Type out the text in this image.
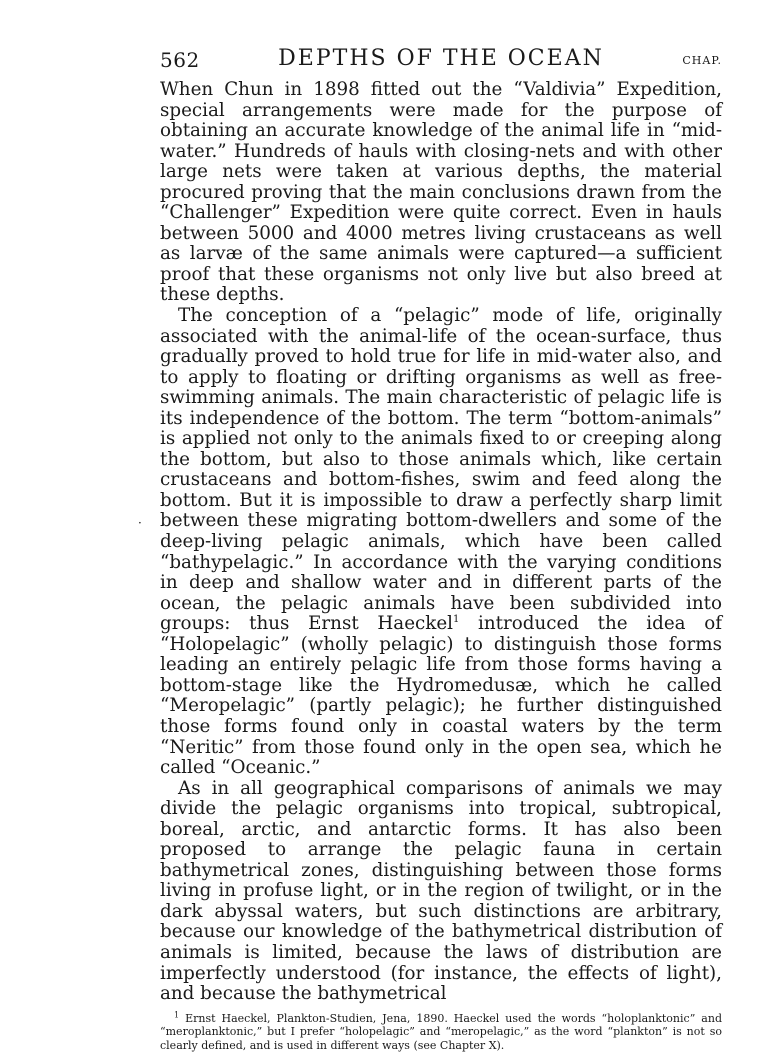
562	DEPTHS OF THE OCEAN	CHAP.

When Chun in 1898 fitted out the “Valdivia” Expedition, special arrangements were made for the purpose of obtaining an accurate knowledge of the animal life in “mid-water.” Hundreds of hauls with closing-nets and with other large nets were taken at various depths, the material procured proving that the main conclusions drawn from the “Challenger” Expedition were quite correct. Even in hauls between 5000 and 4000 metres living crustaceans as well as larvæ of the same animals were captured—a sufficient proof that these organisms not only live but also breed at these depths.

The conception of a “pelagic” mode of life, originally associated with the animal-life of the ocean-surface, thus gradually proved to hold true for life in mid-water also, and to apply to floating or drifting organisms as well as free-swimming animals. The main characteristic of pelagic life is its independence of the bottom. The term “bottom-animals” is applied not only to the animals fixed to or creeping along the bottom, but also to those animals which, like certain crustaceans and bottom-fishes, swim and feed along the bottom. But it is impossible to draw a perfectly sharp limit between these migrating bottom-dwellers and some of the deep-living pelagic animals, which have been called “bathypelagic.” In accordance with the varying conditions in deep and shallow water and in different parts of the ocean, the pelagic animals have been subdivided into groups: thus Ernst Haeckel$^1$ introduced the idea of “Holopelagic” (wholly pelagic) to distinguish those forms leading an entirely pelagic life from those forms having a bottom-stage like the Hydromedusæ, which he called “Meropelagic” (partly pelagic); he further distinguished those forms found only in coastal waters by the term “Neritic” from those found only in the open sea, which he called “Oceanic.”

As in all geographical comparisons of animals we may divide the pelagic organisms into tropical, subtropical, boreal, arctic, and antarctic forms. It has also been proposed to arrange the pelagic fauna in certain bathymetrical zones, distinguishing between those forms living in profuse light, or in the region of twilight, or in the dark abyssal waters, but such distinctions are arbitrary, because our knowledge of the bathymetrical distribution of animals is limited, because the laws of distribution are imperfectly understood (for instance, the effects of light), and because the bathymetrical

$^1$ Ernst Haeckel, Plankton-Studien, Jena, 1890. Haeckel used the words “holoplanktonic” and “meroplanktonic,” but I prefer “holopelagic” and “meropelagic,” as the word “plankton” is not so clearly defined, and is used in different ways (see Chapter X).
·
